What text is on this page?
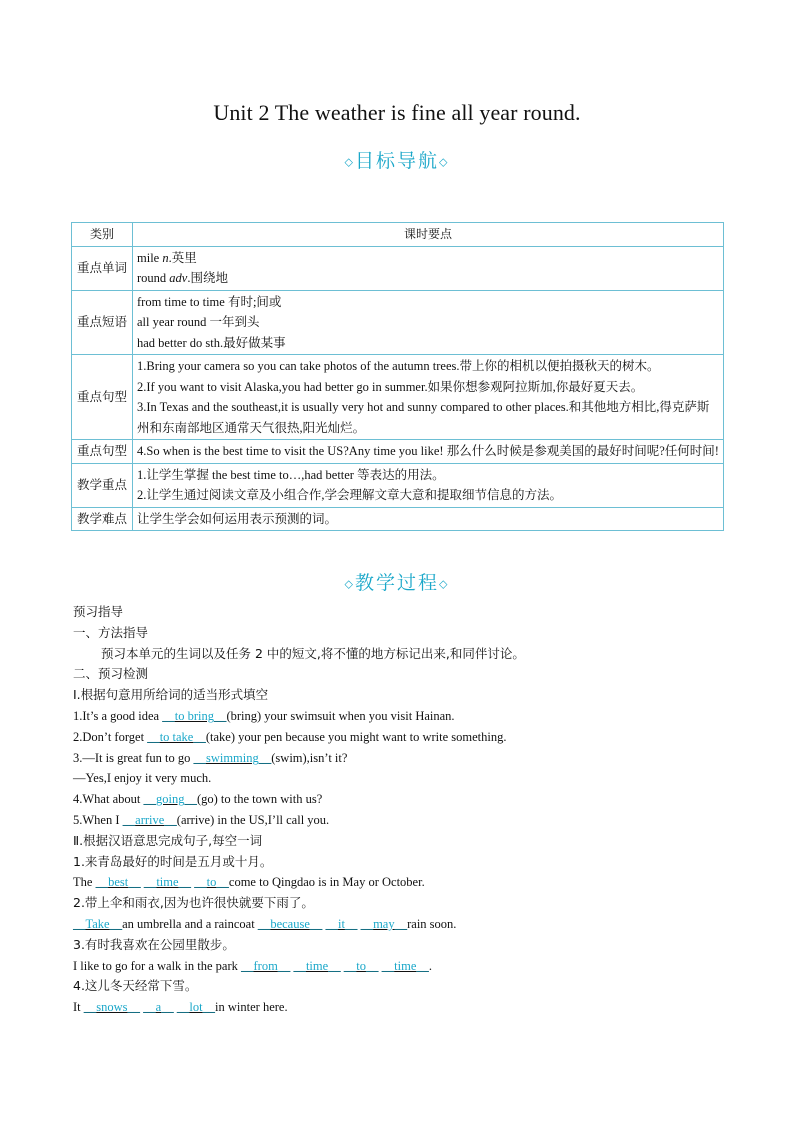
Unit 2 The weather is fine all year round.
◇目标导航◇
类别	课时要点
重点单词	mile n.英里
round adv.围绕地

重点短语	from time to time 有时;间或
all year round 一年到头
had better do sth.最好做某事

重点句型	1.Bring your camera so you can take photos of the autumn trees.带上你的相机以便拍摄秋天的树木。
2.If you want to visit Alaska,you had better go in summer.如果你想参观阿拉斯加,你最好夏天去。
3.In Texas and the southeast,it is usually very hot and sunny compared to other places.和其他地方相比,得克萨斯州和东南部地区通常天气很热,阳光灿烂。

重点句型	4.So when is the best time to visit the US?Any time you like! 那么什么时候是参观美国的最好时间呢?任何时间!

教学重点	1.让学生掌握 the best time to…,had better 等表达的用法。
2.让学生通过阅读文章及小组合作,学会理解文章大意和提取细节信息的方法。

教学难点	让学生学会如何运用表示预测的词。
◇教学过程◇
预习指导
一、方法指导
预习本单元的生词以及任务 2 中的短文,将不懂的地方标记出来,和同伴讨论。
二、预习检测
Ⅰ.根据句意用所给词的适当形式填空
1.It’s a good idea __to bring__(bring) your swimsuit when you visit Hainan.
2.Don’t forget __to take__(take) your pen because you might want to write something.
3.—It is great fun to go __swimming__(swim),isn’t it?
—Yes,I enjoy it very much.
4.What about __going__(go) to the town with us?
5.When I __arrive__(arrive) in the US,I’ll call you.
Ⅱ.根据汉语意思完成句子,每空一词
1.来青岛最好的时间是五月或十月。
The __best__ __time__ __to__come to Qingdao is in May or October.
2.带上伞和雨衣,因为也许很快就要下雨了。
__Take__an umbrella and a raincoat __because__ __it__ __may__rain soon.
3.有时我喜欢在公园里散步。
I like to go for a walk in the park __from__ __time__ __to__ __time__.
4.这儿冬天经常下雪。
It __snows__ __a__ __lot__in winter here.
